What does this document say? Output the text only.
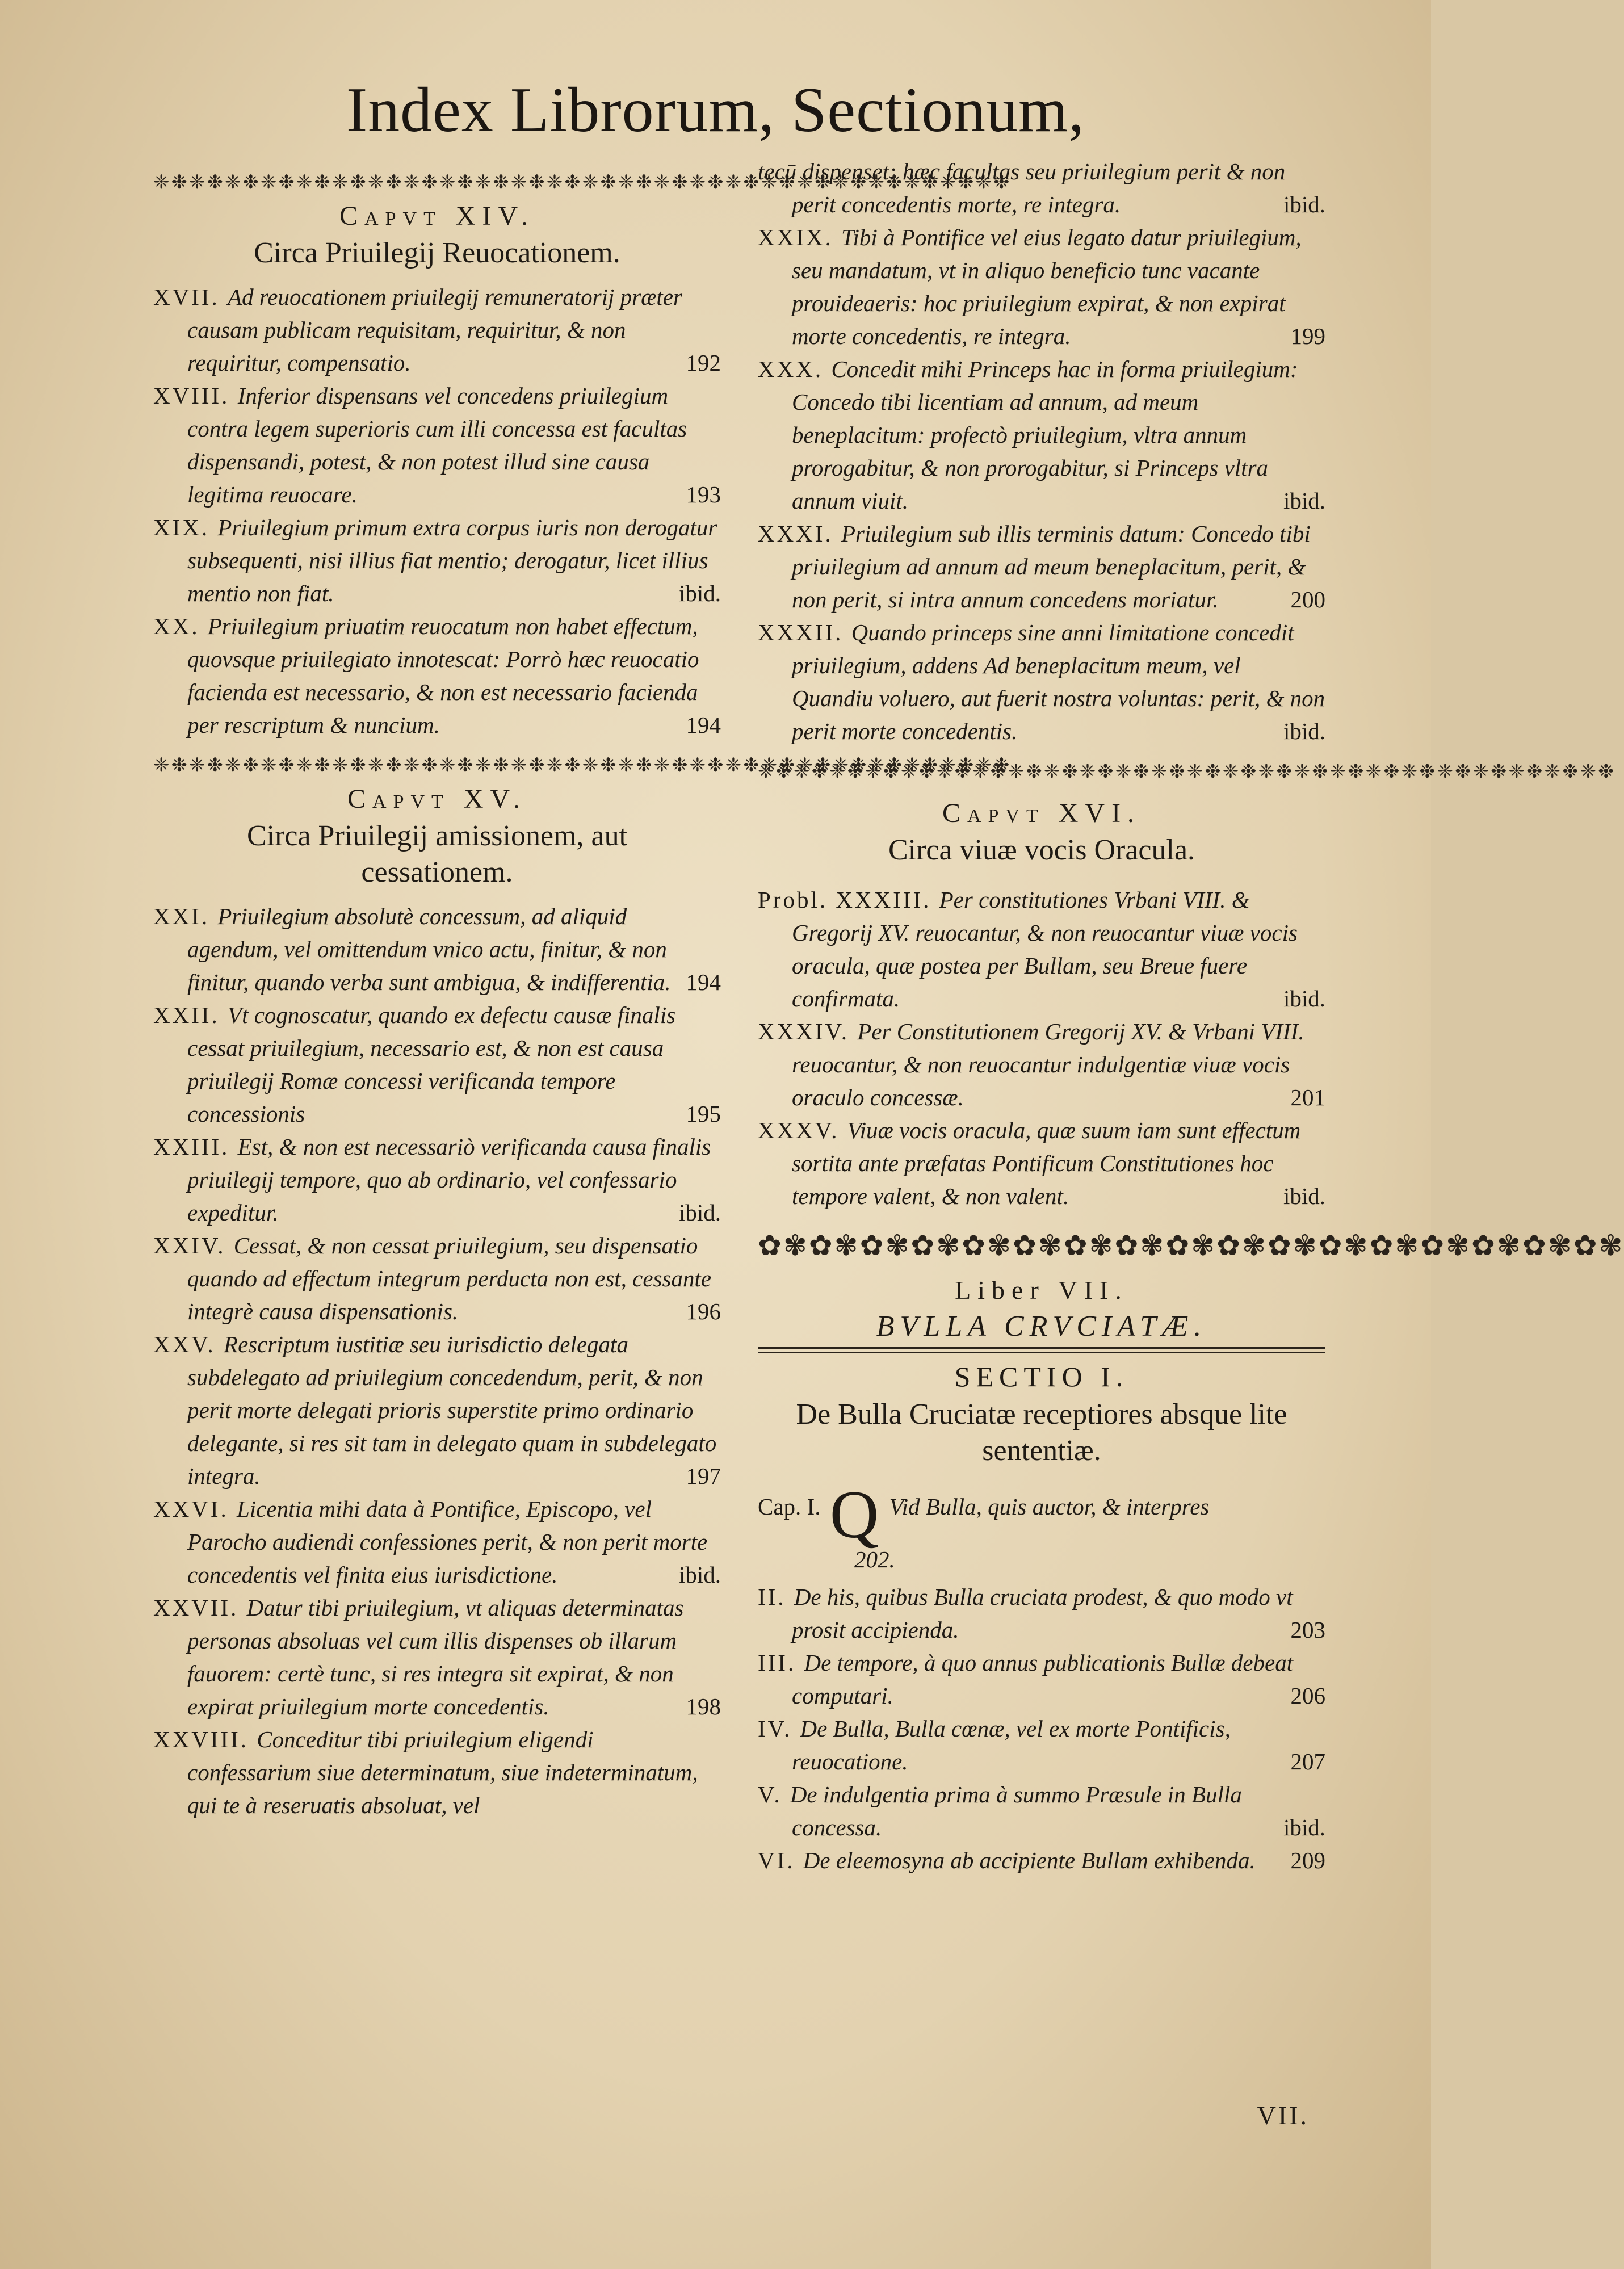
Index Librorum, Sectionum,
❈❉❈❉❈❉❈❉❈❉❈❉❈❉❈❉❈❉❈❉❈❉❈❉❈❉❈❉❈❉❈❉❈❉❈❉❈❉❈❉❈❉❈❉❈❉❈❉
Capvt XIV.
Circa Priuilegij Reuocationem.
XVII. Ad reuocationem priuilegij remuneratorij præter causam publicam requisitam, requiritur, & non requiritur, compensatio.	192
XVIII. Inferior dispensans vel concedens priuilegium contra legem superioris cum illi concessa est facultas dispensandi, potest, & non potest illud sine causa legitima reuocare.	193
XIX. Priuilegium primum extra corpus iuris non derogatur subsequenti, nisi illius fiat mentio; derogatur, licet illius mentio non fiat.	ibid.
XX. Priuilegium priuatim reuocatum non habet effectum, quovsque priuilegiato innotescat: Porrò hæc reuocatio facienda est necessario, & non est necessario facienda per rescriptum & nuncium.	194
❈❉❈❉❈❉❈❉❈❉❈❉❈❉❈❉❈❉❈❉❈❉❈❉❈❉❈❉❈❉❈❉❈❉❈❉❈❉❈❉❈❉❈❉❈❉❈❉
Capvt XV.
Circa Priuilegij amissionem, aut cessationem.
XXI. Priuilegium absolutè concessum, ad aliquid agendum, vel omittendum vnico actu, finitur, & non finitur, quando verba sunt ambigua, & indifferentia. 194
XXII. Vt cognoscatur, quando ex defectu causæ finalis cessat priuilegium, necessario est, & non est causa priuilegij Romæ concessi verificanda tempore concessionis	195
XXIII. Est, & non est necessariò verificanda causa finalis priuilegij tempore, quo ab ordinario, vel confessario expeditur.	ibid.
XXIV. Cessat, & non cessat priuilegium, seu dispensatio quando ad effectum integrum perducta non est, cessante integrè causa dispensationis.	196
XXV. Rescriptum iustitiæ seu iurisdictio delegata subdelegato ad priuilegium concedendum, perit, & non perit morte delegati prioris superstite primo ordinario delegante, si res sit tam in delegato quam in subdelegato integra.	197
XXVI. Licentia mihi data à Pontifice, Episcopo, vel Parocho audiendi confessiones perit, & non perit morte concedentis vel finita eius iurisdictione.	ibid.
XXVII. Datur tibi priuilegium, vt aliquas determinatas personas absoluas vel cum illis dispenses ob illarum fauorem: certè tunc, si res integra sit expirat, & non expirat priuilegium morte concedentis.	198
XXVIII. Conceditur tibi priuilegium eligendi confessarium siue determinatum, siue indeterminatum, qui te à reseruatis absoluat, vel
tecū dispenset: hæc facultas seu priuilegium perit & non perit concedentis morte, re integra.	ibid.
XXIX. Tibi à Pontifice vel eius legato datur priuilegium, seu mandatum, vt in aliquo beneficio tunc vacante prouideaeris: hoc priuilegium expirat, & non expirat morte concedentis, re integra.	199
XXX. Concedit mihi Princeps hac in forma priuilegium: Concedo tibi licentiam ad annum, ad meum beneplacitum: profectò priuilegium, vltra annum prorogabitur, & non prorogabitur, si Princeps vltra annum viuit.	ibid.
XXXI. Priuilegium sub illis terminis datum: Concedo tibi priuilegium ad annum ad meum beneplacitum, perit, & non perit, si intra annum concedens moriatur.	200
XXXII. Quando princeps sine anni limitatione concedit priuilegium, addens Ad beneplacitum meum, vel Quandiu voluero, aut fuerit nostra voluntas: perit, & non perit morte concedentis.	ibid.
❈❉❈❉❈❉❈❉❈❉❈❉❈❉❈❉❈❉❈❉❈❉❈❉❈❉❈❉❈❉❈❉❈❉❈❉❈❉❈❉❈❉❈❉❈❉❈❉
Capvt XVI.
Circa viuæ vocis Oracula.
Probl. XXXIII. Per constitutiones Vrbani VIII. & Gregorij XV. reuocantur, & non reuocantur viuæ vocis oracula, quæ postea per Bullam, seu Breue fuere confirmata.	ibid.
XXXIV. Per Constitutionem Gregorij XV. & Vrbani VIII. reuocantur, & non reuocantur indulgentiæ viuæ vocis oraculo concessæ.	201
XXXV. Viuæ vocis oracula, quæ suum iam sunt effectum sortita ante præfatas Pontificum Constitutiones hoc tempore valent, & non valent.	ibid.
✿✾✿✾✿✾✿✾✿✾✿✾✿✾✿✾✿✾✿✾✿✾✿✾✿✾✿✾✿✾✿✾✿✾
Liber VII.
BVLLA CRVCIATÆ.
SECTIO I.
De Bulla Cruciatæ receptiores absque lite sententiæ.
Cap. I. Q Vid Bulla, quis auctor, & interpres
202.
II. De his, quibus Bulla cruciata prodest, & quo modo vt prosit accipienda.	203
III. De tempore, à quo annus publicationis Bullæ debeat computari.	206
IV. De Bulla, Bulla cœnæ, vel ex morte Pontificis, reuocatione.	207
V. De indulgentia prima à summo Præsule in Bulla concessa.	ibid.
VI. De eleemosyna ab accipiente Bullam exhibenda. 209
VII.
